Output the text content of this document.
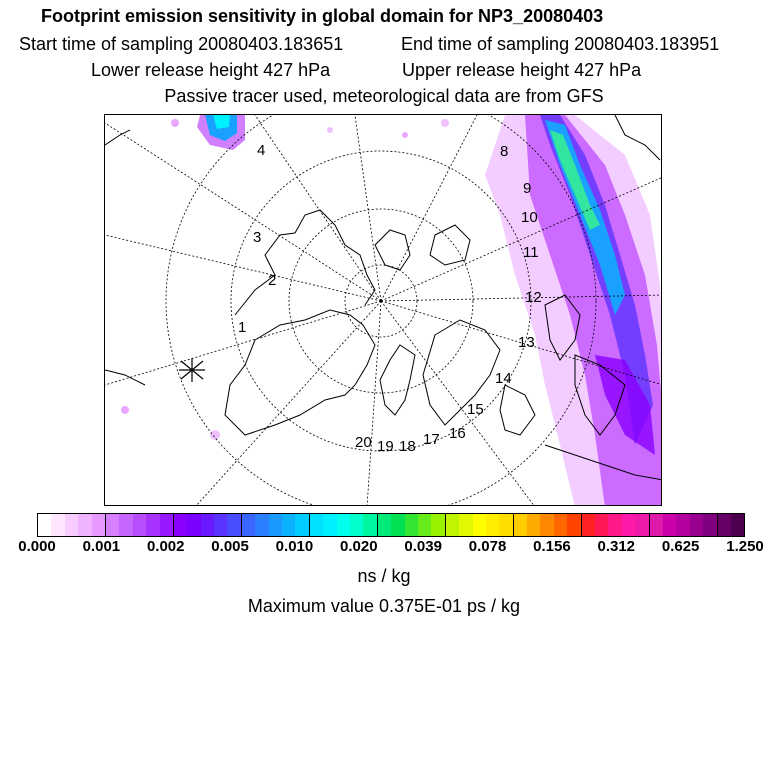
Footprint emission sensitivity in global domain for NP3_20080403
Start time of sampling 20080403.183651	End time of sampling 20080403.183951
Lower release height 427 hPa	Upper release height 427 hPa
Passive tracer used, meteorological data are from GFS
1
2
3
4	8
9
10
11
12
13
14
15
16
17
18
19
20
0.000 0.001 0.002 0.005 0.010 0.020 0.039 0.078 0.156 0.312 0.625 1.250
ns / kg
Maximum value 0.375E-01 ps / kg
